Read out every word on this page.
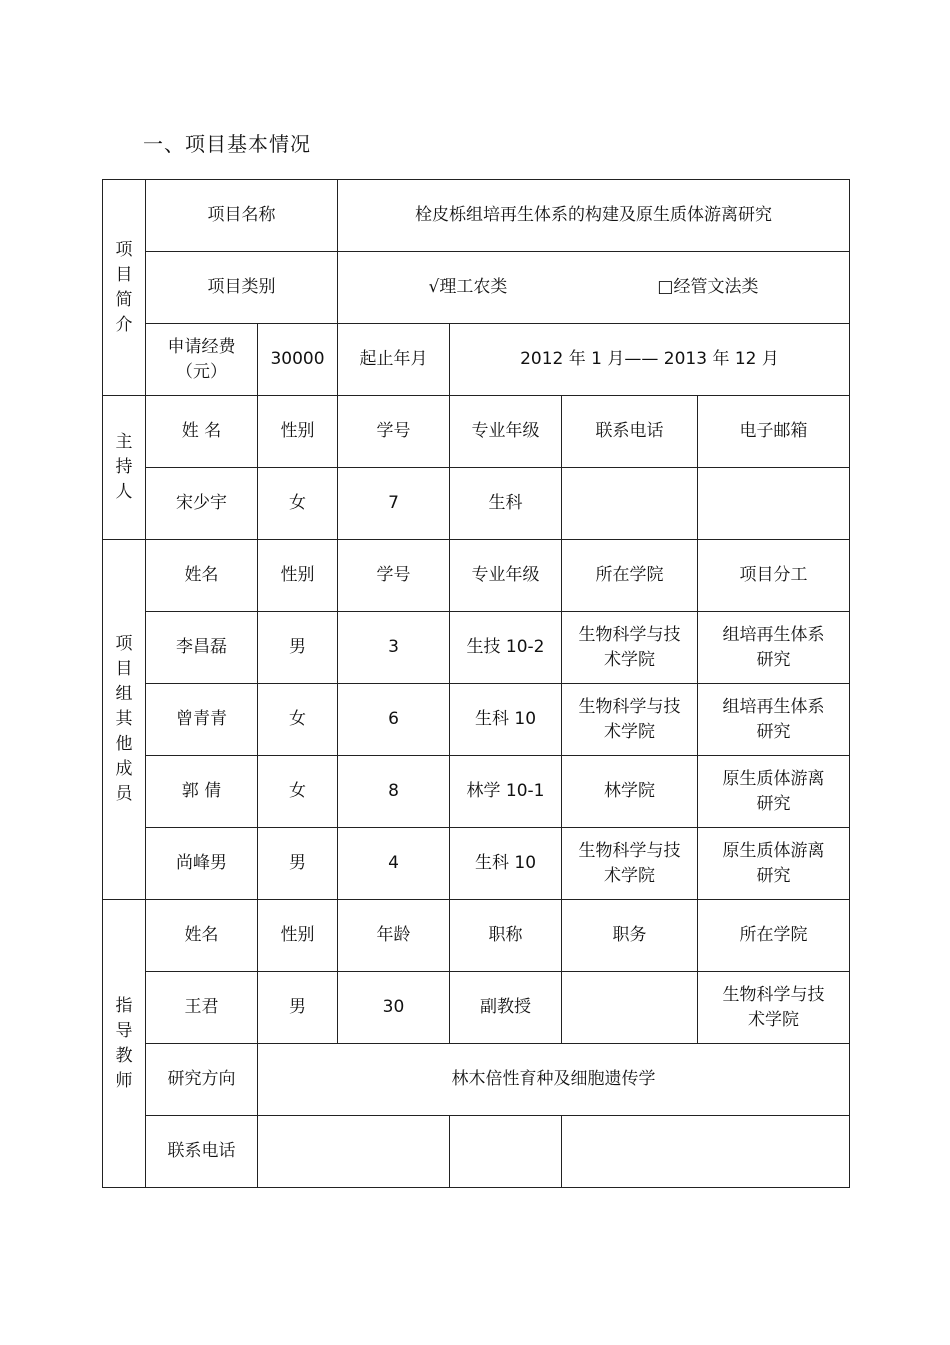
一、项目基本情况
项目简介	项目名称		栓皮栎组培再生体系的构建及原生质体游离研究			
	项目类别		√理工农类 □经管文法类			
	申请经费（元）	30000	起止年月	2012 年 1 月—— 2013 年 12 月		
主持人	姓 名	性别	学号	专业年级	联系电话	电子邮箱
	宋少宇	女	7	生科		
项目组其他成员	姓名	性别	学号	专业年级	所在学院	项目分工
	李昌磊	男	3	生技 10-2	生物科学与技术学院	组培再生体系研究
	曾青青	女	6	生科 10	生物科学与技术学院	组培再生体系研究
	郭 倩	女	8	林学 10-1	林学院	原生质体游离研究
	尚峰男	男	4	生科 10	生物科学与技术学院	原生质体游离研究
指导教师	姓名	性别	年龄	职称	职务	所在学院
	王君	男	30	副教授		生物科学与技术学院
	研究方向	林木倍性育种及细胞遗传学				
	联系电话					
